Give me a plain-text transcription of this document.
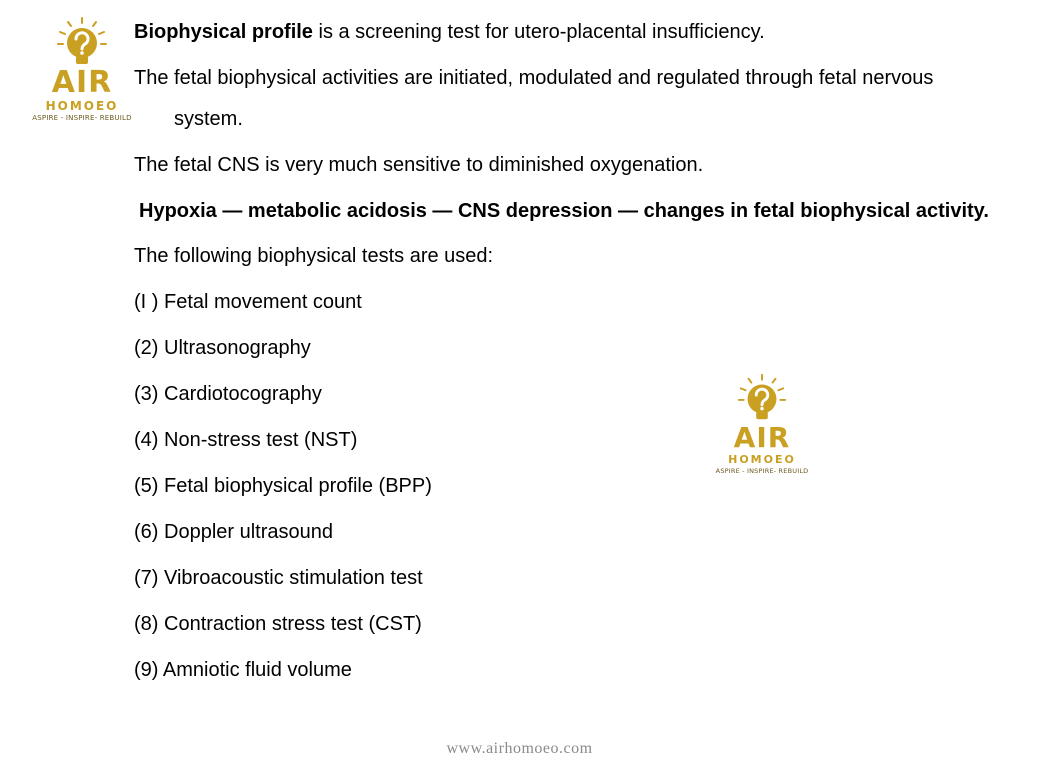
AIR
HOMOEO
ASPIRE - INSPIRE- REBUILD
Biophysical profile is a screening test for utero-placental insufficiency.
The fetal biophysical activities are initiated, modulated and regulated through fetal nervous
system.
The fetal CNS is very much sensitive to diminished oxygenation.
Hypoxia — metabolic acidosis — CNS depression — changes in fetal biophysical activity.
The following biophysical tests are used:
(I ) Fetal movement count
(2) Ultrasonography
(3) Cardiotocography
(4) Non-stress test (NST)
(5) Fetal biophysical profile (BPP)
(6) Doppler ultrasound
(7) Vibroacoustic stimulation test
(8) Contraction stress test (CST)
(9) Amniotic fluid volume
AIR
HOMOEO
ASPIRE - INSPIRE- REBUILD
www.airhomoeo.com
